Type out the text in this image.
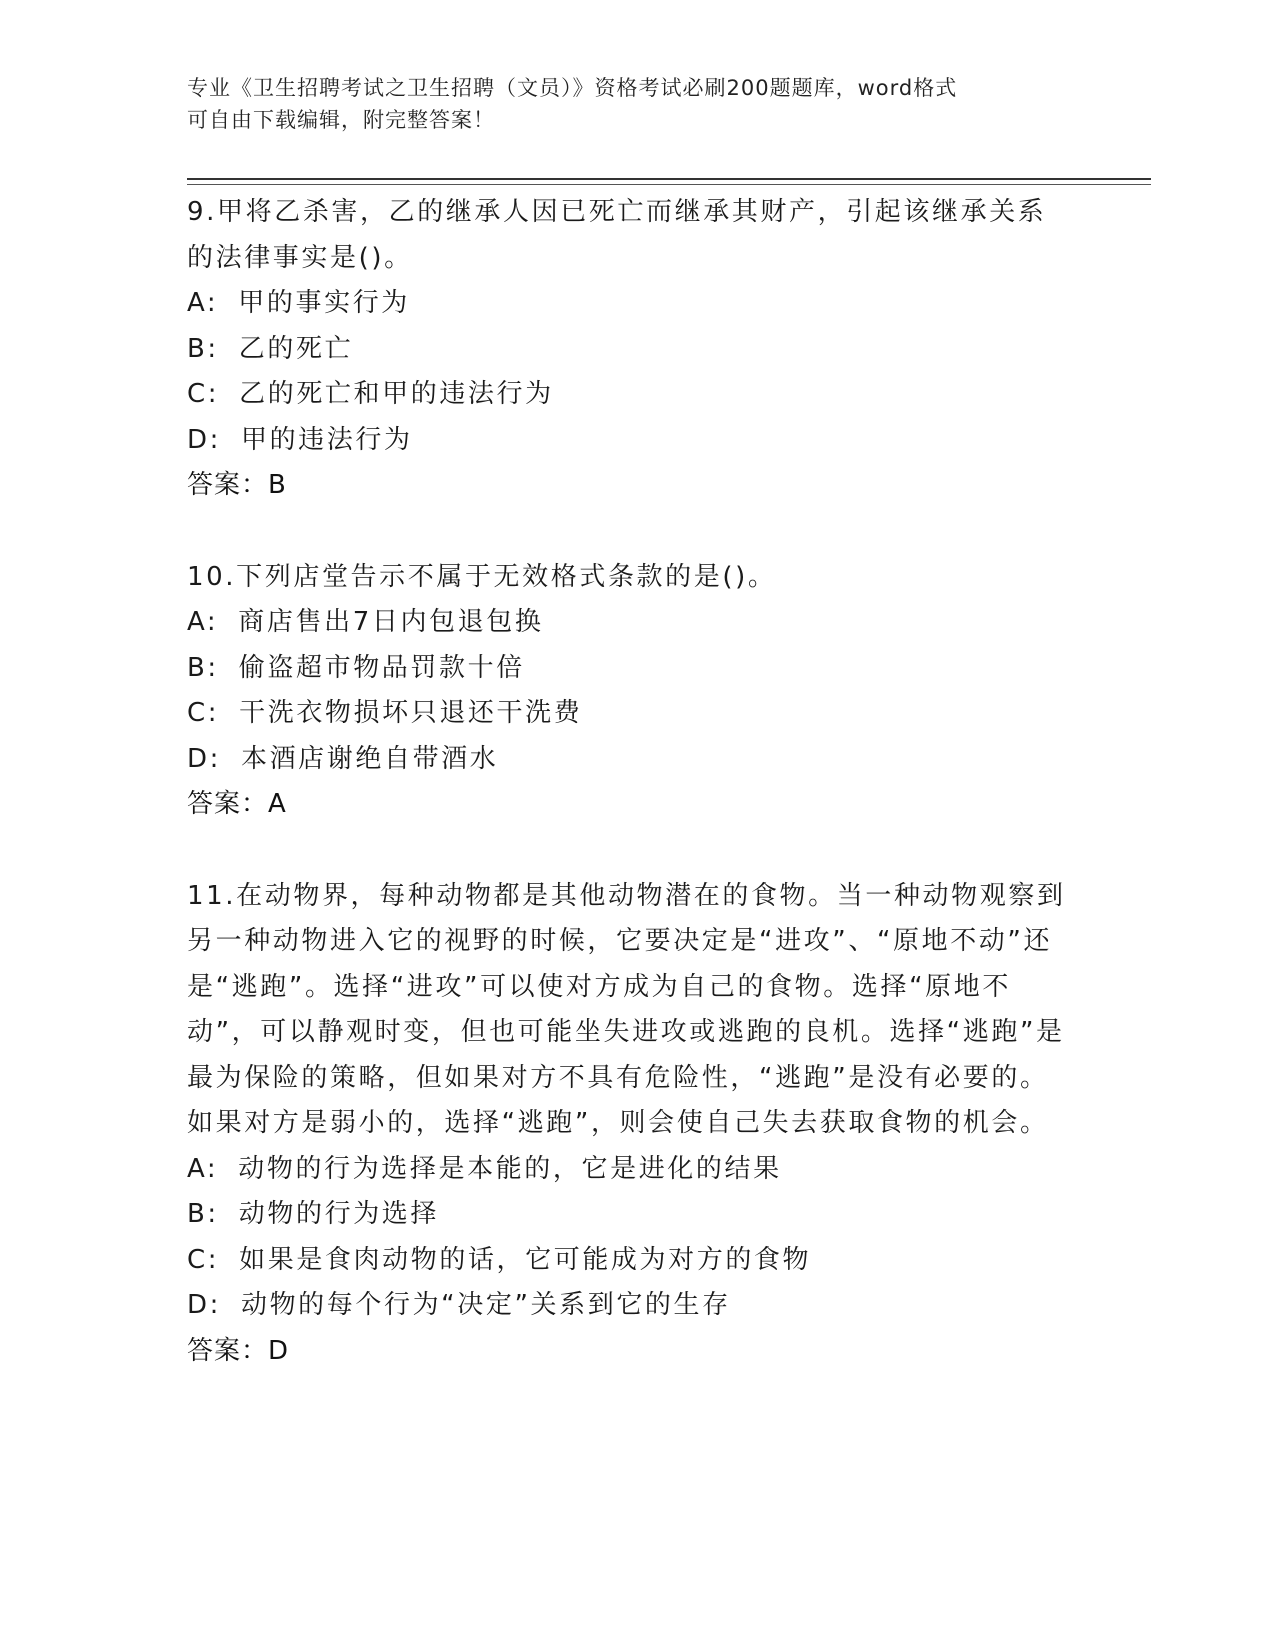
专业《卫生招聘考试之卫生招聘（文员）》资格考试必刷200题题库，word格式
可自由下载编辑，附完整答案！
9.甲将乙杀害，乙的继承人因已死亡而继承其财产，引起该继承关系的法律事实是()。
A: 甲的事实行为
B: 乙的死亡
C: 乙的死亡和甲的违法行为
D: 甲的违法行为
答案：B
10.下列店堂告示不属于无效格式条款的是()。
A: 商店售出7日内包退包换
B: 偷盗超市物品罚款十倍
C: 干洗衣物损坏只退还干洗费
D: 本酒店谢绝自带酒水
答案：A
11.在动物界，每种动物都是其他动物潜在的食物。当一种动物观察到另一种动物进入它的视野的时候，它要决定是“进攻”、“原地不动”还是“逃跑”。选择“进攻”可以使对方成为自己的食物。选择“原地不动”，可以静观时变，但也可能坐失进攻或逃跑的良机。选择“逃跑”是最为保险的策略，但如果对方不具有危险性，“逃跑”是没有必要的。如果对方是弱小的，选择“逃跑”，则会使自己失去获取食物的机会。
A: 动物的行为选择是本能的，它是进化的结果
B: 动物的行为选择
C: 如果是食肉动物的话，它可能成为对方的食物
D: 动物的每个行为“决定”关系到它的生存
答案：D
